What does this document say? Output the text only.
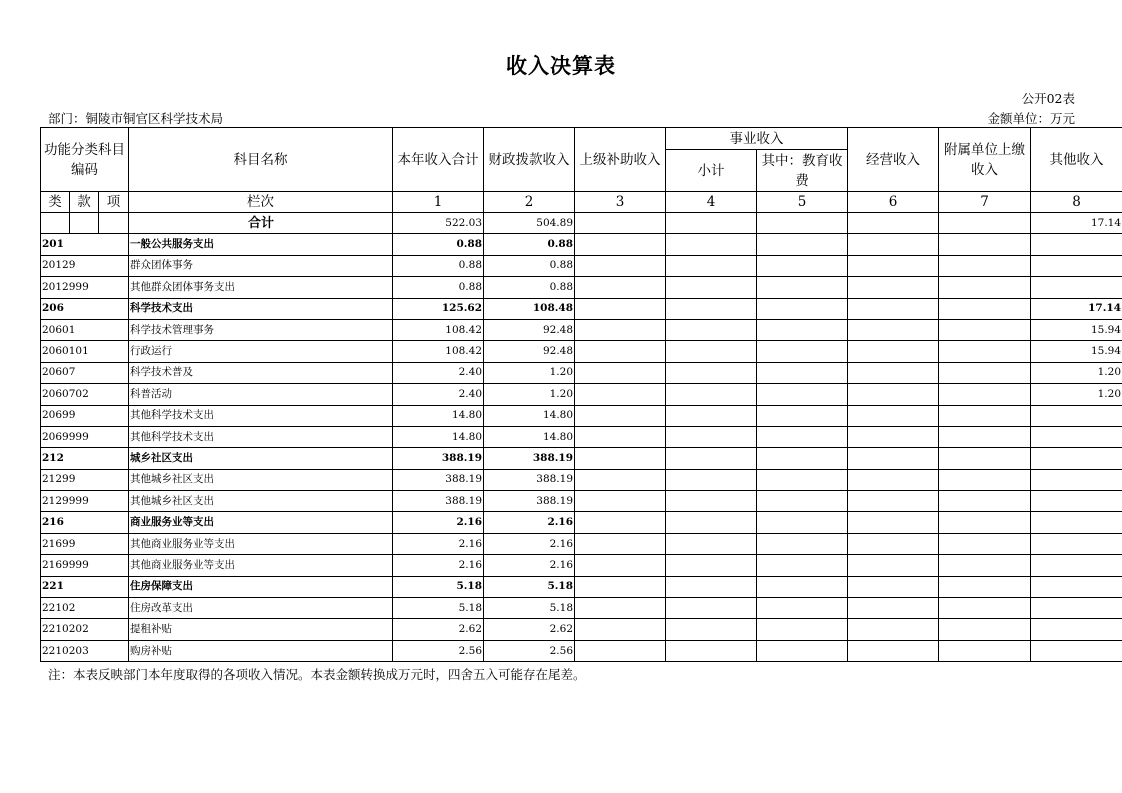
收入决算表
公开02表
部门：铜陵市铜官区科学技术局	金额单位：万元
功能分类科目编码			科目名称	本年收入合计	财政拨款收入	上级补助收入	事业收入		经营收入	附属单位上缴收入	其他收入
							小计	其中：教育收费			
类	款	项	栏次	1	2	3	4	5	6	7	8
			合计	522.03	504.89						17.14
201			一般公共服务支出	0.88	0.88						
20129			群众团体事务	0.88	0.88						
2012999			其他群众团体事务支出	0.88	0.88						
206			科学技术支出	125.62	108.48						17.14
20601			科学技术管理事务	108.42	92.48						15.94
2060101			行政运行	108.42	92.48						15.94
20607			科学技术普及	2.40	1.20						1.20
2060702			科普活动	2.40	1.20						1.20
20699			其他科学技术支出	14.80	14.80						
2069999			其他科学技术支出	14.80	14.80						
212			城乡社区支出	388.19	388.19						
21299			其他城乡社区支出	388.19	388.19						
2129999			其他城乡社区支出	388.19	388.19						
216			商业服务业等支出	2.16	2.16						
21699			其他商业服务业等支出	2.16	2.16						
2169999			其他商业服务业等支出	2.16	2.16						
221			住房保障支出	5.18	5.18						
22102			住房改革支出	5.18	5.18						
2210202			提租补贴	2.62	2.62						
2210203			购房补贴	2.56	2.56						
注：本表反映部门本年度取得的各项收入情况。本表金额转换成万元时，四舍五入可能存在尾差。
